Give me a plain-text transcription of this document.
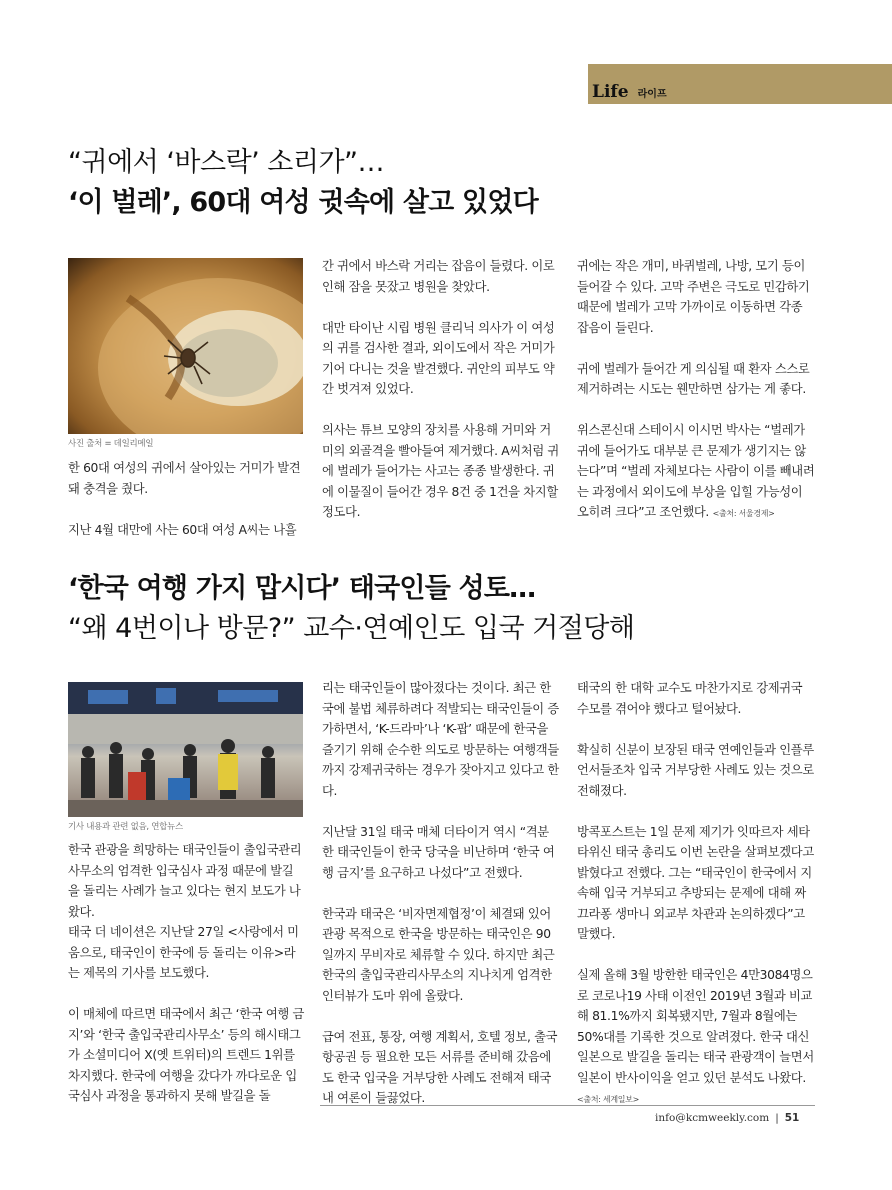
Life 라이프
“귀에서 ‘바스락’ 소리가”…
‘이 벌레’, 60대 여성 귓속에 살고 있었다
사진 출처 = 데일리메일

한 60대 여성의 귀에서 살아있는 거미가 발견돼 충격을 줬다.

지난 4월 대만에 사는 60대 여성 A씨는 나흘

간 귀에서 바스락 거리는 잡음이 들렸다. 이로 인해 잠을 못잤고 병원을 찾았다.

대만 타이난 시립 병원 클리닉 의사가 이 여성의 귀를 검사한 결과, 외이도에서 작은 거미가 기어 다니는 것을 발견했다. 귀안의 피부도 약간 벗겨져 있었다.

의사는 튜브 모양의 장치를 사용해 거미와 거미의 외골격을 빨아들여 제거했다. A씨처럼 귀에 벌레가 들어가는 사고는 종종 발생한다. 귀에 이물질이 들어간 경우 8건 중 1건을 차지할 정도다.

귀에는 작은 개미, 바퀴벌레, 나방, 모기 등이 들어갈 수 있다. 고막 주변은 극도로 민감하기 때문에 벌레가 고막 가까이로 이동하면 각종 잡음이 들린다.

귀에 벌레가 들어간 게 의심될 때 환자 스스로 제거하려는 시도는 웬만하면 삼가는 게 좋다.

위스콘신대 스테이시 이시먼 박사는 “벌레가 귀에 들어가도 대부분 큰 문제가 생기지는 않는다”며 “벌레 자체보다는 사람이 이를 빼내려는 과정에서 외이도에 부상을 입힐 가능성이 오히려 크다”고 조언했다. <출처: 서울경제>

‘한국 여행 가지 맙시다’ 태국인들 성토…
“왜 4번이나 방문?” 교수·연예인도 입국 거절당해
기사 내용과 관련 없음, 연합뉴스

한국 관광을 희망하는 태국인들이 출입국관리사무소의 엄격한 입국심사 과정 때문에 발길을 돌리는 사례가 늘고 있다는 현지 보도가 나왔다.

태국 더 네이션은 지난달 27일 <사랑에서 미움으로, 태국인이 한국에 등 돌리는 이유>라는 제목의 기사를 보도했다.

이 매체에 따르면 태국에서 최근 ‘한국 여행 금지’와 ‘한국 출입국관리사무소’ 등의 해시태그가 소셜미디어 X(옛 트위터)의 트렌드 1위를 차지했다. 한국에 여행을 갔다가 까다로운 입국심사 과정을 통과하지 못해 발길을 돌

리는 태국인들이 많아졌다는 것이다. 최근 한국에 불법 체류하려다 적발되는 태국인들이 증가하면서, ‘K-드라마’나 ‘K-팝’ 때문에 한국을 즐기기 위해 순수한 의도로 방문하는 여행객들까지 강제귀국하는 경우가 잦아지고 있다고 한다.

지난달 31일 태국 매체 더타이거 역시 “격분한 태국인들이 한국 당국을 비난하며 ‘한국 여행 금지’를 요구하고 나섰다”고 전했다.

한국과 태국은 ‘비자면제협정’이 체결돼 있어 관광 목적으로 한국을 방문하는 태국인은 90일까지 무비자로 체류할 수 있다. 하지만 최근 한국의 출입국관리사무소의 지나치게 엄격한 인터뷰가 도마 위에 올랐다.

급여 전표, 통장, 여행 계획서, 호텔 정보, 출국 항공권 등 필요한 모든 서류를 준비해 갔음에도 한국 입국을 거부당한 사례도 전해져 태국 내 여론이 들끓었다.

태국의 한 대학 교수도 마찬가지로 강제귀국 수모를 겪어야 했다고 털어놨다.

확실히 신분이 보장된 태국 연예인들과 인플루언서들조차 입국 거부당한 사례도 있는 것으로 전해졌다.

방콕포스트는 1일 문제 제기가 잇따르자 세타 타위신 태국 총리도 이번 논란을 살펴보겠다고 밝혔다고 전했다. 그는 “태국인이 한국에서 지속해 입국 거부되고 추방되는 문제에 대해 짜끄라퐁 생마니 외교부 차관과 논의하겠다”고 말했다.

실제 올해 3월 방한한 태국인은 4만3084명으로 코로나19 사태 이전인 2019년 3월과 비교해 81.1%까지 회복됐지만, 7월과 8월에는 50%대를 기록한 것으로 알려졌다. 한국 대신 일본으로 발길을 돌리는 태국 관광객이 늘면서 일본이 반사이익을 얻고 있던 분석도 나왔다. <출처: 세계일보>

info@kcmweekly.com | 51
